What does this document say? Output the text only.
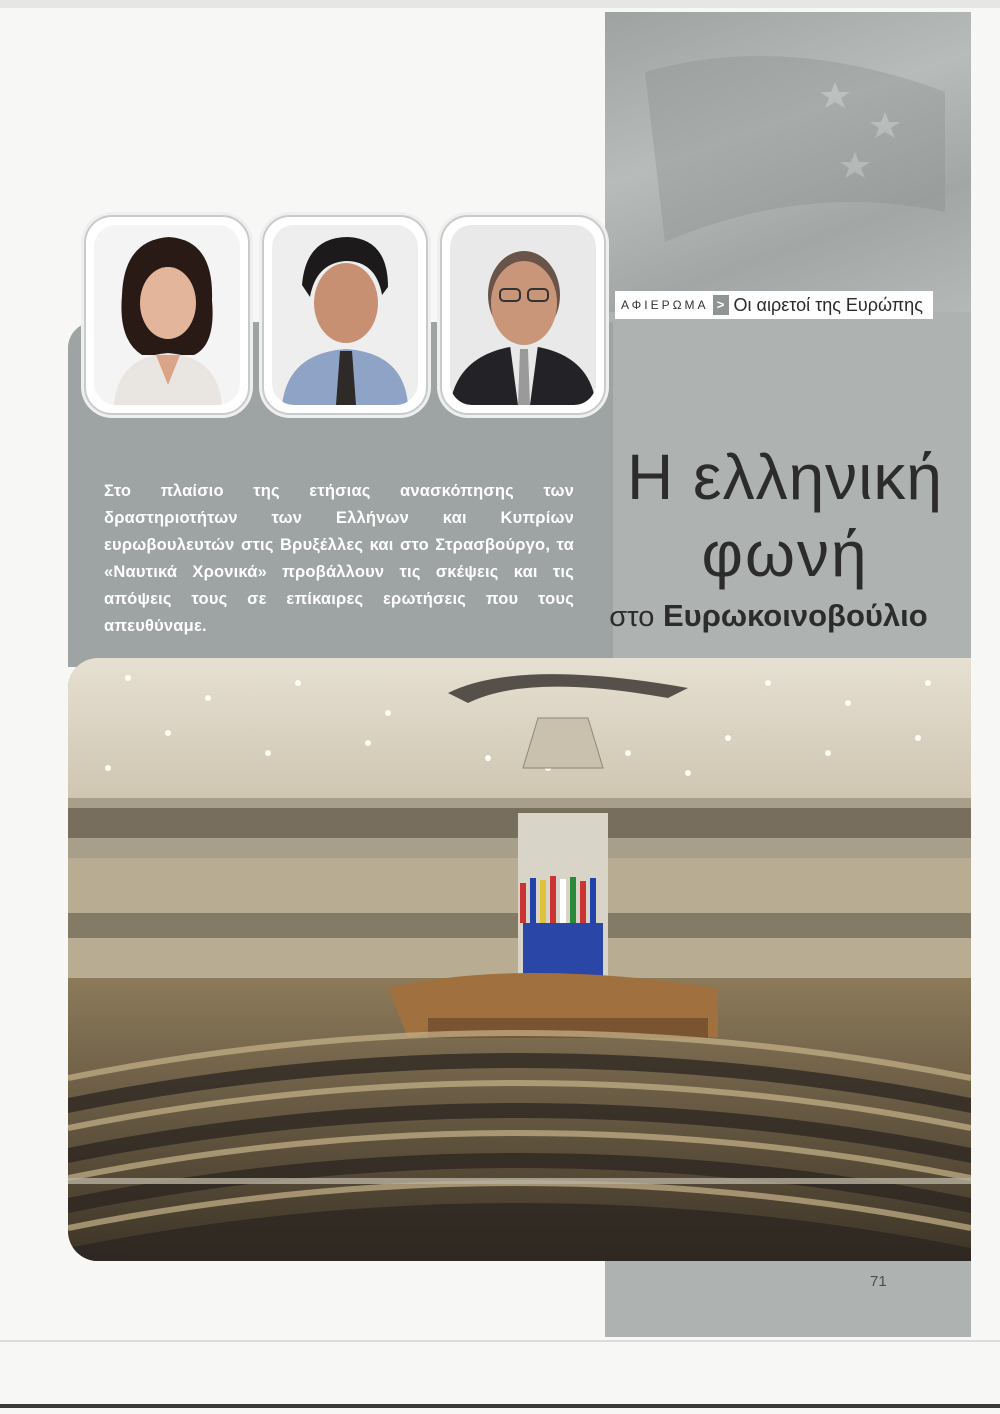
ΑΦΙΕΡΩΜΑ > Οι αιρετοί της Ευρώπης
Στο πλαίσιο της ετήσιας ανασκόπησης των δραστηριοτήτων των Ελλήνων και Κυπρίων ευρωβουλευτών στις Βρυξέλλες και στο Στρασβούργο, τα «Ναυτικά Χρονικά» προβάλλουν τις σκέψεις και τις απόψεις τους σε επίκαιρες ερωτήσεις που τους απευθύναμε.
Η ελληνική
φωνή
στο Ευρωκοινοβούλιο
71
